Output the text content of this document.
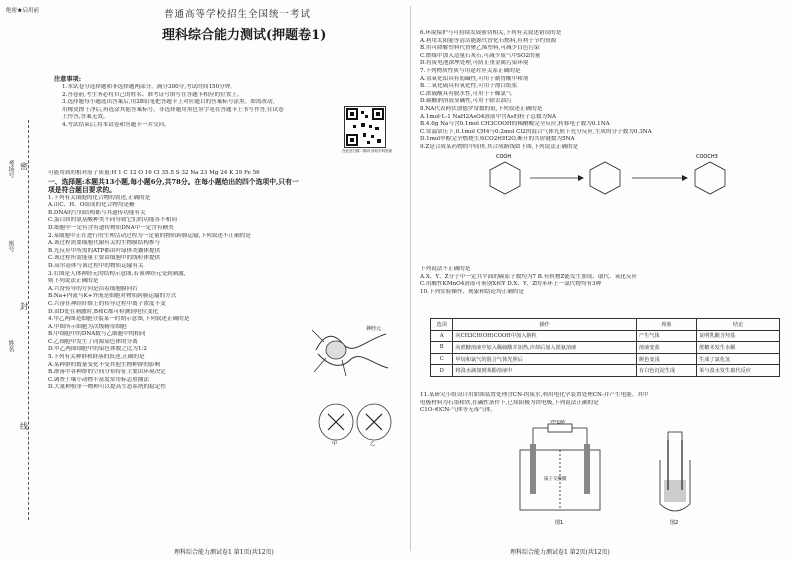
绝密★启用前
座号
考场号
姓名
密
封
线
普通高等学校招生全国统一考试
理科综合能力测试(押题卷1)
注意事项:
1.本试卷分选择题和非选择题两部分。满分300分,考试时间150分钟。
2.答卷前,考生务必将自己的姓名、准考证号填写在答题卡相应的位置上。
3.选择题每小题选出答案后,用2B铅笔把答题卡上对应题目的答案标号涂黑。如需改动,
用橡皮擦干净后,再选涂其他答案标号。非选择题用黑色签字笔在答题卡上书写作答,在试卷
上作答,答案无效。
4.考试结束后,将本试卷和答题卡一并交回。
在此处扫描二维码 获取学科资源
可能用到的相对原子质量:H 1 C 12 O 16 Cl 35.5 S 32 Na 23 Mg 24 K 39 Fe 56
一、选择题:本题共13小题,每小题6分,共78分。在每小题给出的四个选项中,只有一
项是符合题目要求的。
1.下列有关细胞的化合物的叙述,正确的是
A.由C、H、O组成的化合物均是糖
B.DNA的空间结构都与其遗传功能有关
C.蛋白质的氨基酸种类不同导致它们的功能各不相同
D.细胞中一定有含有遗传物质DNA中一定含有糖类
2.某细胞中正在进行的生理活动过程为一定量的物质跨膜运输,下列叙述不正确的是
A.该过程需要细胞代谢有关的生物膜结构参与
B.光反应中所需的ATP都由叶绿体类囊体提供
C.该过程所需能量主要由细胞中的线粒体提供
D.高尔基体与该过程中的物质运输有关
3.右图是人体神经元的结构示意图,若该神经元受到刺激,
则下列说法正确的是
A.兴奋传导的方向是沿着细胞膜向右
B.Na+内流与K+外流是细胞对物质跨膜运输的方式
C.兴奋在神经纤维上的传导过程中离子浓度不变
D.由D处在刺激时,B和C都可检测到电位变化
4.甲乙两图是细胞分裂某一时期示意图,下列叙述正确的是
A.甲图所示细胞为次级精母细胞
B.甲细胞中的DNA数与乙细胞中的相同
C.乙细胞中发生了同源染色体的分离
D.甲乙两图细胞中的染色体数之比为1:2
5.下列有关种群和群落的叙述,正确的是
A.某种群的数量变化不受其他生物种群的影响
B.群落中各种群的空间分布特征主要由环境决定
C.调查土壤小动物丰富度常用标志重捕法
D.大量种植单一物种可以提高生态系统的稳定性
神经元
甲	乙
理科综合能力测试卷1 第1页(共12页)
6.环境保护与可持续发展密切相关,下列有关叙述错误的是
A.利用太阳能等清洁能源代替化石燃料,有利于节约资源
B.用可降解塑料代替聚乙烯塑料,可减少白色污染
C.燃煤中加入适量石灰石,可减少废气中SO2的量
D.将废电池深埋处理,可防止重金属污染环境
7.下列物质性质与用途对应关系正确的是
A.氢氧化铝具有弱碱性,可用于制胃酸中和剂
B.二氧化硫具有氧化性,可用于漂白纸浆
C.浓硫酸具有脱水性,可用于干燥氯气
D.碳酸钠溶液显碱性,可用于除去油污
8.NA代表阿伏加德罗常数的值,下列叙述正确的是
A.1mol·L-1 NaH2AsO4溶液中含As的粒子总数为NA
B.4.6g Na与含0.1mol CH3COOH的稀醋酸完全反应,转移电子数为0.1NA
C.常温常压下,0.1mol CH4与0.2mol Cl2的混合气体光照下充分反应,生成的分子数为0.3NA
D.1mol甲醇完全燃烧生成CO2和H2O,断开的共价键数为5NA
9.Z是合成某药物的中间体,其合成路线如下图,下列说法正确的是
COOH	COOCH3
下列说法不正确的是
A.X、Y、Z分子中一定共平面的碳原子数均为7 B.有机物Z能发生加成、取代、氧化反应
C.用酸性KMnO4溶液可鉴别X和Y D.X、Y、Z的苯环上一氯代物均有3种
10.下列实验操作、现象和结论均正确的是
选项	操作	现象	结论
A	向CH3CH(OH)COOH中加入钠粒	产生气体	证明乳酸含羟基
B	向蔗糖溶液中加入稀硫酸并加热,冷却后加入银氨溶液	溶液变蓝	蔗糖未发生水解
C	甲烷和氯气的混合气体光照后	颜色变浅	生成了氯化氢
D	将溴水滴加到苯酚溶液中	有白色沉淀生成	苯与溴水发生取代反应
11.某研究小组设计用如图装置处理含CN-的废水,利用电化学装置处理CN-并产生电能。其中
电极材料为石墨和铁,在碱性条件下,已知阳极为铁电极,下列说法正确的是
C1O-和CN-气体等无毒气体,
外电路
质子交换膜
图1	图2
理科综合能力测试卷1 第2页(共12页)
